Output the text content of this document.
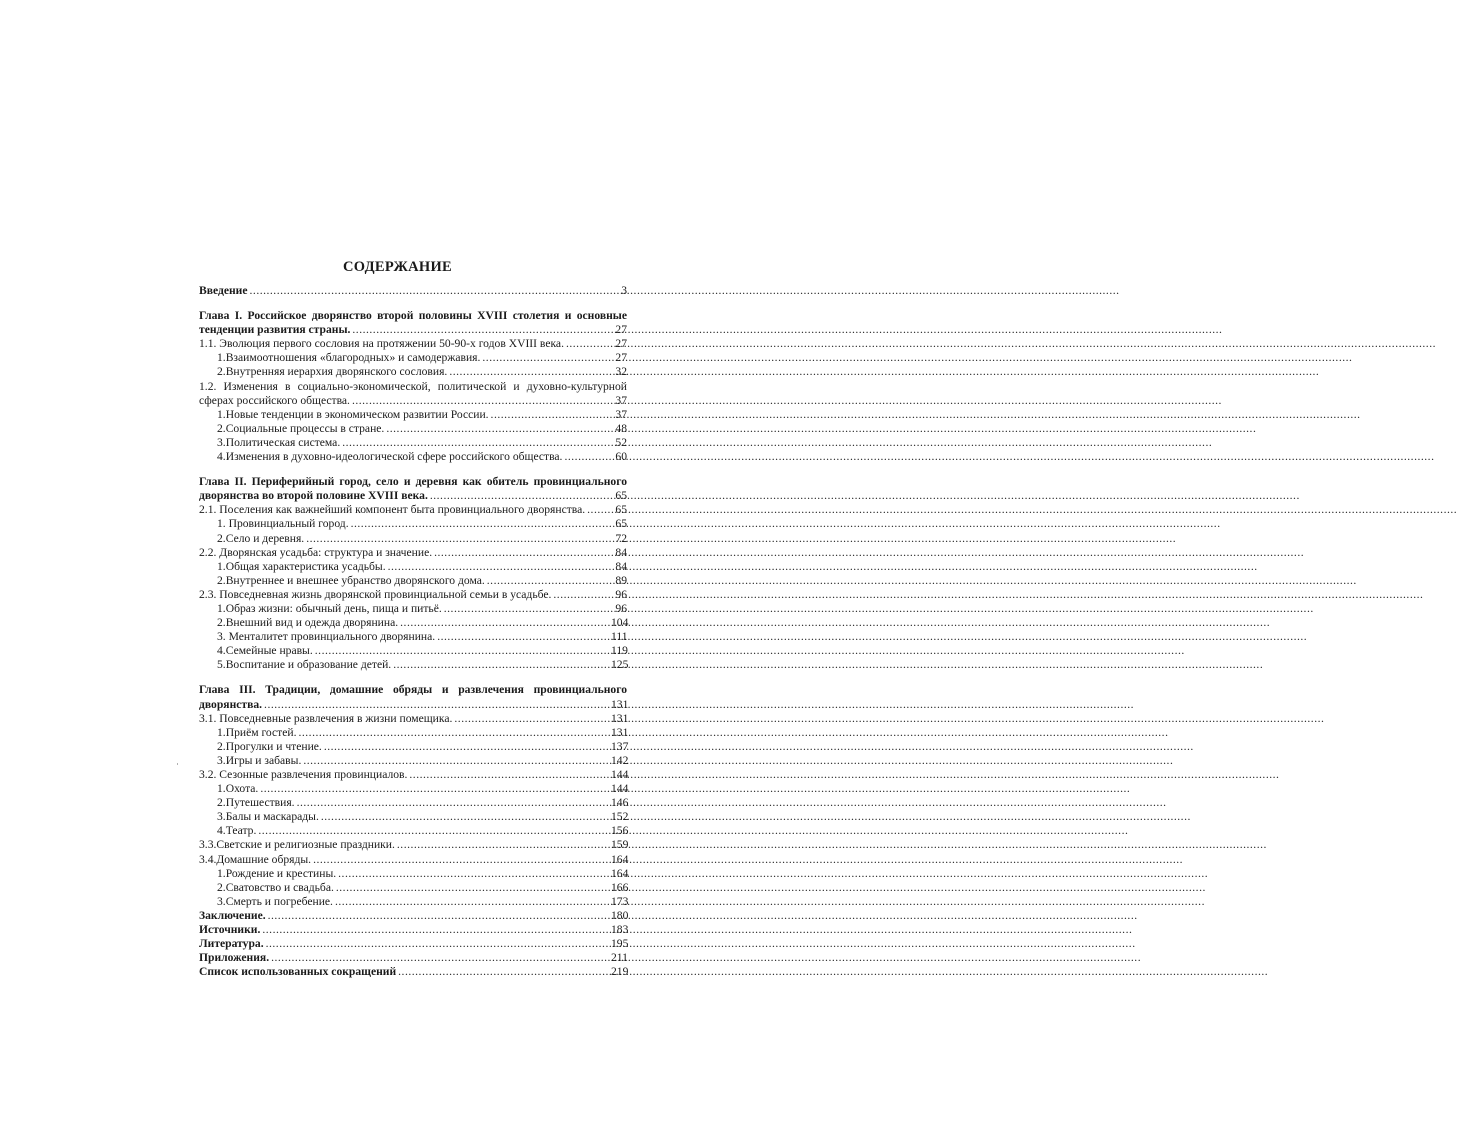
СОДЕРЖАНИЕ
Введение .....	3
Глава I. Российское дворянство второй половины XVIII столетия и основные
тенденции развития страны. .....	27
1.1. Эволюция первого сословия на протяжении 50-90-х годов XVIII века. .....	27
1.Взаимоотношения «благородных» и самодержавия. .....	27
2.Внутренняя иерархия дворянского сословия. .....	32
1.2. Изменения в социально-экономической, политической и духовно-культурной
сферах российского общества. .....	37
1.Новые тенденции в экономическом развитии России. .....	37
2.Социальные процессы в стране. .....	48
3.Политическая система. .....	52
4.Изменения в духовно-идеологической сфере российского общества. .....	60
Глава II. Периферийный город, село и деревня как обитель провинциального
дворянства во второй половине XVIII века. .....	65
2.1. Поселения как важнейший компонент быта провинциального дворянства. .....	65
1. Провинциальный город. .....	65
2.Село и деревня. .....	72
2.2. Дворянская усадьба: структура и значение. .....	84
1.Общая характеристика усадьбы. .....	84
2.Внутреннее и внешнее убранство дворянского дома. .....	89
2.3. Повседневная жизнь дворянской провинциальной семьи в усадьбе. .....	96
1.Образ жизни: обычный день, пища и питьё. .....	96
2.Внешний вид и одежда дворянина. .....	104
3. Менталитет провинциального дворянина. .....	111
4.Семейные нравы. .....	119
5.Воспитание и образование детей. .....	125
Глава III. Традиции, домашние обряды и развлечения провинциального
дворянства. .....	131
3.1. Повседневные развлечения в жизни помещика. .....	131
1.Приём гостей. .....	131
2.Прогулки и чтение. .....	137
3.Игры и забавы. .....	142
3.2. Сезонные развлечения провинциалов. .....	144
1.Охота. .....	144
2.Путешествия. .....	146
3.Балы и маскарады. .....	152
4.Театр. .....	156
3.3.Светские и религиозные праздники. .....	159
3.4.Домашние обряды. .....	164
1.Рождение и крестины. .....	164
2.Сватовство и свадьба. .....	166
3.Смерть и погребение. .....	173
Заключение. .....	180
Источники. .....	183
Литература. .....	195
Приложения. .....	211
Список использованных сокращений .....	219
